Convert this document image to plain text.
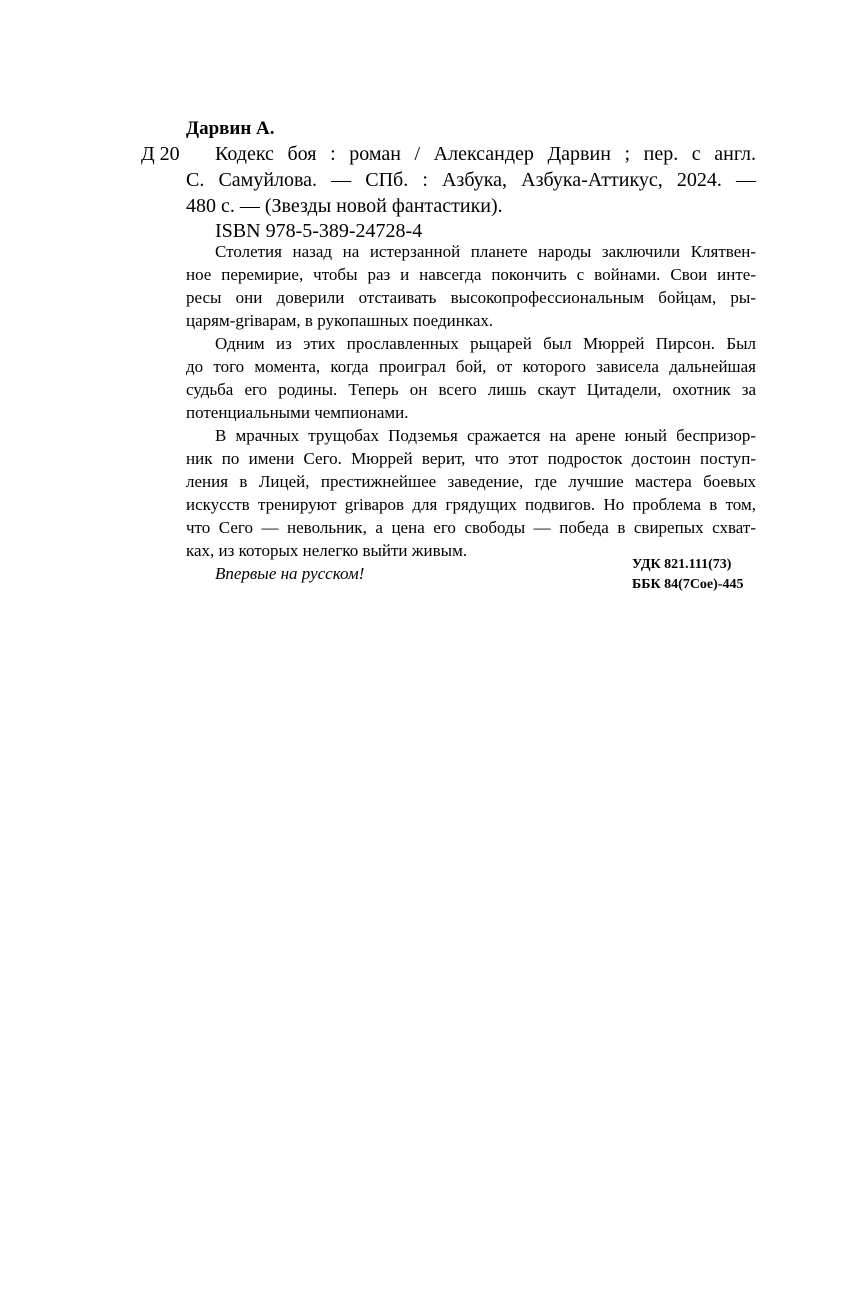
Дарвин А.
Д 20	Кодекс боя : роман / Александер Дарвин ; пер. с англ.
С. Самуйлова. — СПб. : Азбука, Азбука-Аттикус, 2024. —
480 с. — (Звезды новой фантастики).
ISBN 978-5-389-24728-4
Столетия назад на истерзанной планете народы заключили Клятвен-
ное перемирие, чтобы раз и навсегда покончить с войнами. Свои инте-
ресы они доверили отстаивать высокопрофессиональным бойцам, ры-
царям-griварам, в рукопашных поединках.
Одним из этих прославленных рыцарей был Мюррей Пирсон. Был
до того момента, когда проиграл бой, от которого зависела дальнейшая
судьба его родины. Теперь он всего лишь скаут Цитадели, охотник за
потенциальными чемпионами.
В мрачных трущобах Подземья сражается на арене юный беспризор-
ник по имени Сего. Мюррей верит, что этот подросток достоин поступ-
ления в Лицей, престижнейшее заведение, где лучшие мастера боевых
искусств тренируют griваров для грядущих подвигов. Но проблема в том,
что Сего — невольник, а цена его свободы — победа в свирепых схват-
ках, из которых нелегко выйти живым.
Впервые на русском!	УДК 821.111(73)
ББК 84(7Сое)-445
